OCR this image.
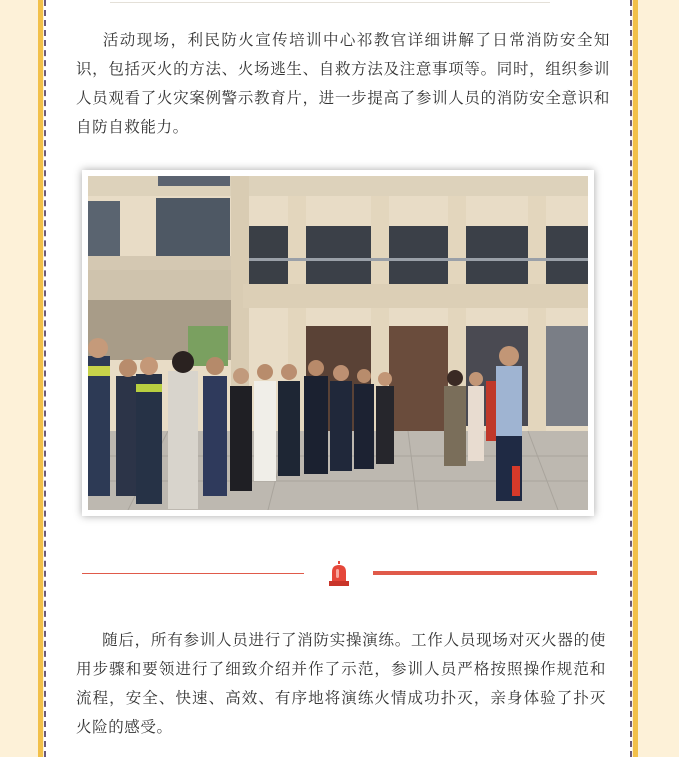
活动现场，利民防火宣传培训中心祁教官详细讲解了日常消防安全知识，包括灭火的方法、火场逃生、自救方法及注意事项等。同时，组织参训人员观看了火灾案例警示教育片，进一步提高了参训人员的消防安全意识和自防自救能力。

随后，所有参训人员进行了消防实操演练。工作人员现场对灭火器的使用步骤和要领进行了细致介绍并作了示范，参训人员严格按照操作规范和流程，安全、快速、高效、有序地将演练火情成功扑灭，亲身体验了扑灭火险的感受。
